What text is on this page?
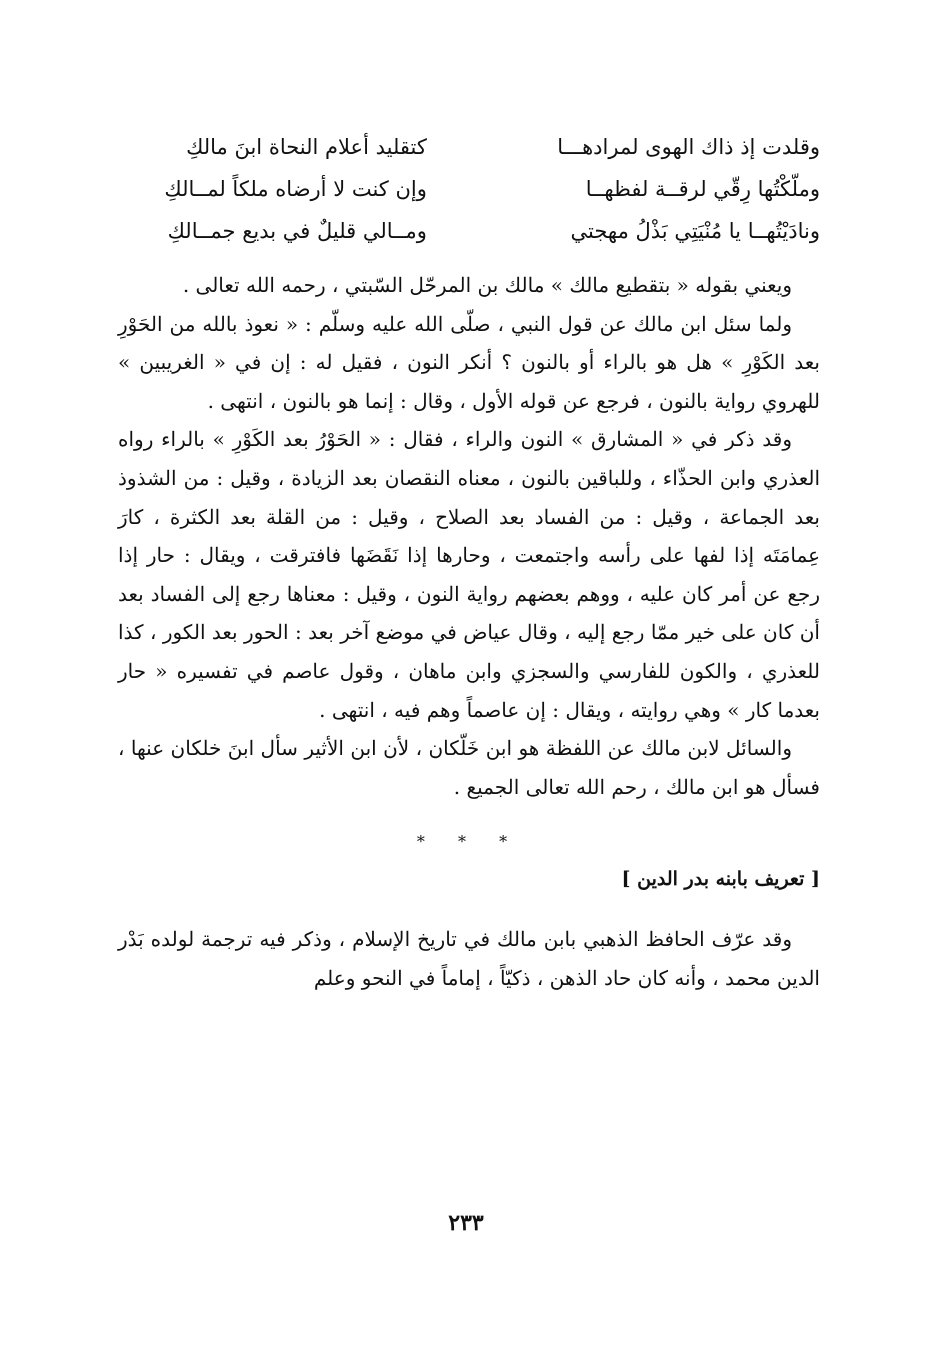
وقلدت إذ ذاك الهوى لمرادهـــا
كتقليد أعلام النحاة ابنَ مالكِ
وملّكْتُها رِقّي لرقــة لفظهــا
وإن كنت لا أرضاه ملكاً لمــالكِ
ونادَيْتُهــا يا مُنْيَتِي بَذْلُ مهجتي
ومــالي قليلٌ في بديع جمــالكِ

ويعني بقوله « بتقطيع مالك » مالك بن المرحّل السّبتي ، رحمه الله تعالى .

ولما سئل ابن مالك عن قول النبي ، صلّى الله عليه وسلّم : « نعوذ بالله من الحَوْرِ بعد الكَوْرِ » هل هو بالراء أو بالنون ؟ أنكر النون ، فقيل له : إن في « الغريبين » للهروي رواية بالنون ، فرجع عن قوله الأول ، وقال : إنما هو بالنون ، انتهى .

وقد ذكر في « المشارق » النون والراء ، فقال : « الحَوْرُ بعد الكَوْرِ » بالراء رواه العذري وابن الحذّاء ، وللباقين بالنون ، معناه النقصان بعد الزيادة ، وقيل : من الشذوذ بعد الجماعة ، وقيل : من الفساد بعد الصلاح ، وقيل : من القلة بعد الكثرة ، كارَ عِمامَتَه إذا لفها على رأسه واجتمعت ، وحارها إذا نَقَضَها فافترقت ، ويقال : حار إذا رجع عن أمر كان عليه ، ووهم بعضهم رواية النون ، وقيل : معناها رجع إلى الفساد بعد أن كان على خير ممّا رجع إليه ، وقال عياض في موضع آخر بعد : الحور بعد الكور ، كذا للعذري ، والكون للفارسي والسجزي وابن ماهان ، وقول عاصم في تفسيره « حار بعدما كار » وهي روايته ، ويقال : إن عاصماً وهم فيه ، انتهى .

والسائل لابن مالك عن اللفظة هو ابن خَلّكان ، لأن ابن الأثير سأل ابنَ خلكان عنها ، فسأل هو ابن مالك ، رحم الله تعالى الجميع .

* * *
[ تعريف بابنه بدر الدين ]

وقد عرّف الحافظ الذهبي بابن مالك في تاريخ الإسلام ، وذكر فيه ترجمة لولده بَدْر الدين محمد ، وأنه كان حاد الذهن ، ذكيّاً ، إماماً في النحو وعلم

٢٣٣
